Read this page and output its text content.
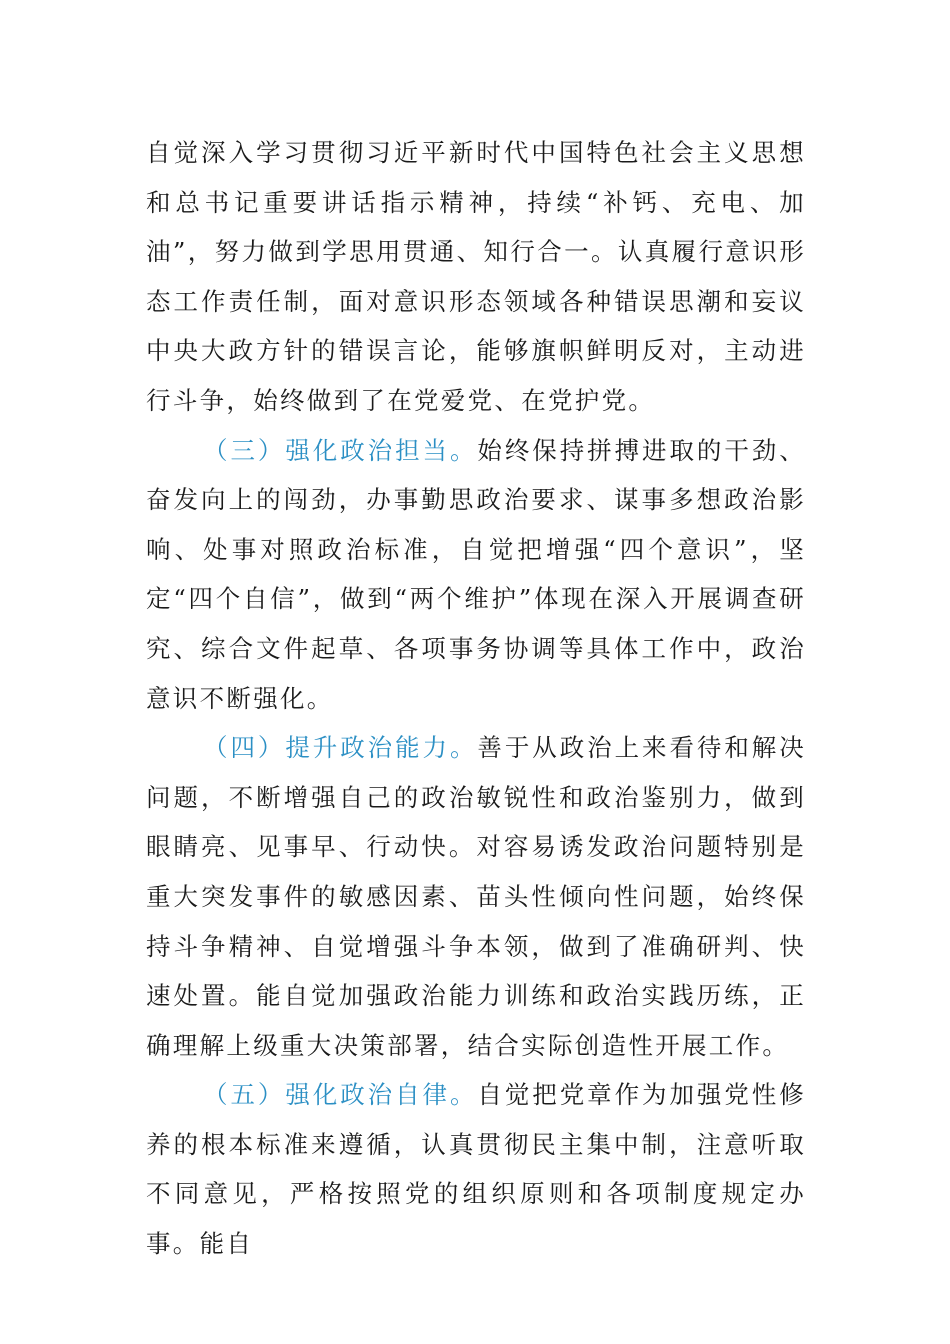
自觉深入学习贯彻习近平新时代中国特色社会主义思想和总书记重要讲话指示精神，持续“补钙、充电、加油”，努力做到学思用贯通、知行合一。认真履行意识形态工作责任制，面对意识形态领域各种错误思潮和妄议中央大政方针的错误言论，能够旗帜鲜明反对，主动进行斗争，始终做到了在党爱党、在党护党。

（三）强化政治担当。始终保持拼搏进取的干劲、奋发向上的闯劲，办事勤思政治要求、谋事多想政治影响、处事对照政治标准，自觉把增强“四个意识”，坚定“四个自信”，做到“两个维护”体现在深入开展调查研究、综合文件起草、各项事务协调等具体工作中，政治意识不断强化。

（四）提升政治能力。善于从政治上来看待和解决问题，不断增强自己的政治敏锐性和政治鉴别力，做到眼睛亮、见事早、行动快。对容易诱发政治问题特别是重大突发事件的敏感因素、苗头性倾向性问题，始终保持斗争精神、自觉增强斗争本领，做到了准确研判、快速处置。能自觉加强政治能力训练和政治实践历练，正确理解上级重大决策部署，结合实际创造性开展工作。

（五）强化政治自律。自觉把党章作为加强党性修养的根本标准来遵循，认真贯彻民主集中制，注意听取不同意见，严格按照党的组织原则和各项制度规定办事。能自
